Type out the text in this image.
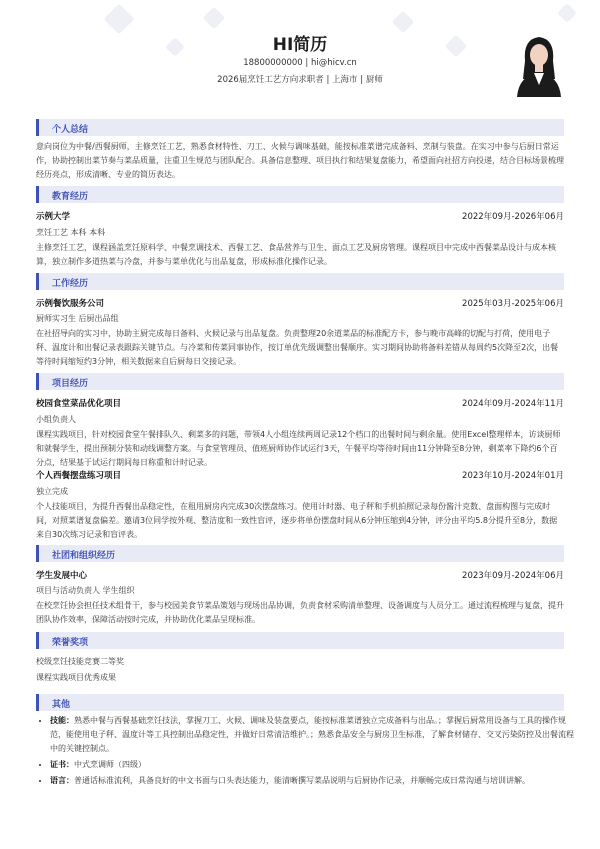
HI简历
18800000000 | hi@hicv.cn
2026届烹饪工艺方向求职者 | 上海市 | 厨师
个人总结
意向岗位为中餐/西餐厨师，主修烹饪工艺，熟悉食材特性、刀工、火候与调味基础，能按标准菜谱完成备料、烹制与装盘。在实习中参与后厨日常运作，协助控制出菜节奏与菜品质量，注重卫生规范与团队配合。具备信息整理、项目执行和结果复盘能力，希望面向社招方向投递，结合目标场景梳理经历亮点，形成清晰、专业的简历表达。
教育经历
示例大学	2022年09月-2026年06月
烹饪工艺 本科 本科
主修烹饪工艺，课程涵盖烹饪原料学、中餐烹调技术、西餐工艺、食品营养与卫生、面点工艺及厨房管理。课程项目中完成中西餐菜品设计与成本核算，独立制作多道热菜与冷盘，并参与菜单优化与出品复盘，形成标准化操作记录。
工作经历
示例餐饮服务公司	2025年03月-2025年06月
厨师实习生 后厨出品组
在社招导向的实习中，协助主厨完成每日备料、火候记录与出品复盘。负责整理20余道菜品的标准配方卡，参与晚市高峰的切配与打荷，使用电子秤、温度计和出餐记录表跟踪关键节点。与冷菜和传菜同事协作，按订单优先级调整出餐顺序。实习期间协助将备料差错从每周约5次降至2次，出餐等待时间缩短约3分钟，相关数据来自后厨每日交接记录。
项目经历
校园食堂菜品优化项目	2024年09月-2024年11月
小组负责人
课程实践项目，针对校园食堂午餐排队久、剩菜多的问题，带领4人小组连续两周记录12个档口的出餐时间与剩余量。使用Excel整理样本，访谈厨师和就餐学生，提出预制分装和动线调整方案。与食堂管理员、值班厨师协作试运行3天，午餐平均等待时间由11分钟降至8分钟，剩菜率下降约6个百分点，结果基于试运行期间每日称重和计时记录。
个人西餐摆盘练习项目	2023年10月-2024年01月
独立完成
个人技能项目，为提升西餐出品稳定性，在租用厨房内完成30次摆盘练习。使用计时器、电子秤和手机拍照记录每份酱汁克数、盘面构图与完成时间，对照菜谱复盘偏差。邀请3位同学按外观、整洁度和一致性盲评，逐步将单份摆盘时间从6分钟压缩到4分钟，评分由平均5.8分提升至8分，数据来自30次练习记录和盲评表。
社团和组织经历
学生发展中心	2023年09月-2024年06月
项目与活动负责人 学生组织
在校烹饪协会担任技术组骨干，参与校园美食节菜品策划与现场出品协调，负责食材采购清单整理、设备调度与人员分工。通过流程梳理与复盘，提升团队协作效率，保障活动按时完成，并协助优化菜品呈现标准。
荣誉奖项
校级烹饪技能竞赛二等奖
课程实践项目优秀成果
其他
• 技能：熟悉中餐与西餐基础烹饪技法，掌握刀工、火候、调味及装盘要点，能按标准菜谱独立完成备料与出品。；掌握后厨常用设备与工具的操作规范，能使用电子秤、温度计等工具控制出品稳定性，并做好日常清洁维护。；熟悉食品安全与厨房卫生标准，了解食材储存、交叉污染防控及出餐流程中的关键控制点。
• 证书：中式烹调师（四级）
• 语言：普通话标准流利，具备良好的中文书面与口头表达能力，能清晰撰写菜品说明与后厨协作记录，并顺畅完成日常沟通与培训讲解。
